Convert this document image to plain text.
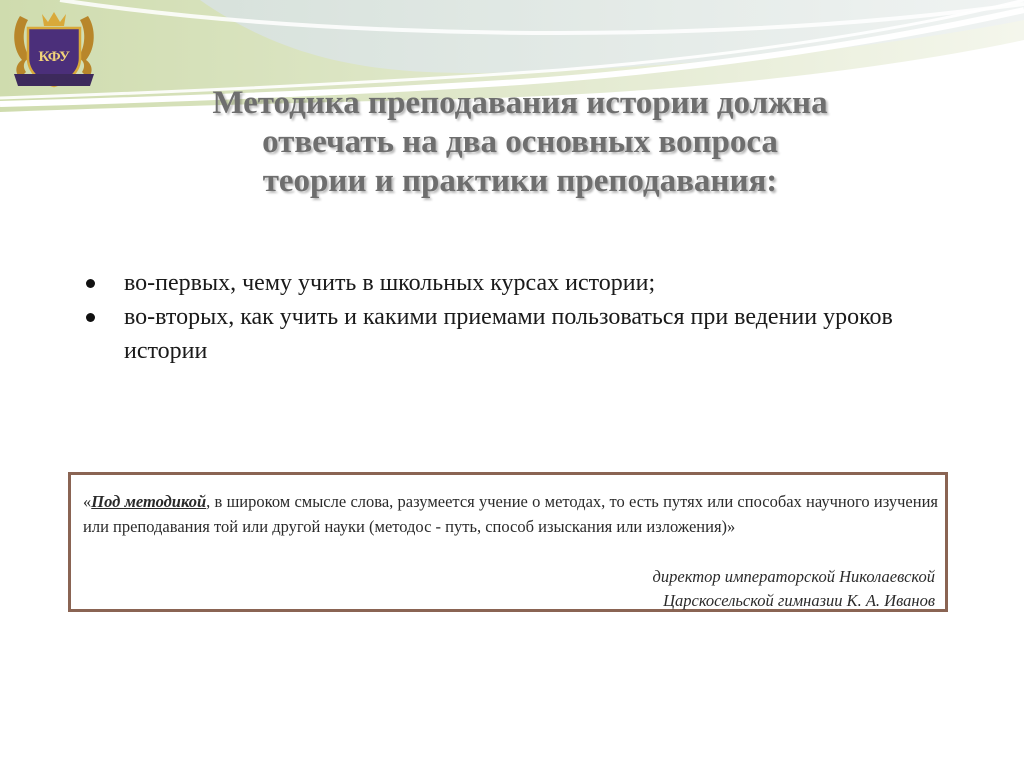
КФУ
MORES · ET · VIRTUS
Методика преподавания истории должна
отвечать на два основных вопроса
теории и практики преподавания:
во-первых, чему учить в школьных курсах истории;
во-вторых, как учить и какими приемами пользоваться при ведении уроков истории

«Под методикой, в широком смысле слова, разумеется учение о методах, то есть путях или способах научного изучения или преподавания той или другой науки (методос - путь, способ изыскания или изложения)»

директор императорской Николаевской
Царскосельской гимназии К. А. Иванов
